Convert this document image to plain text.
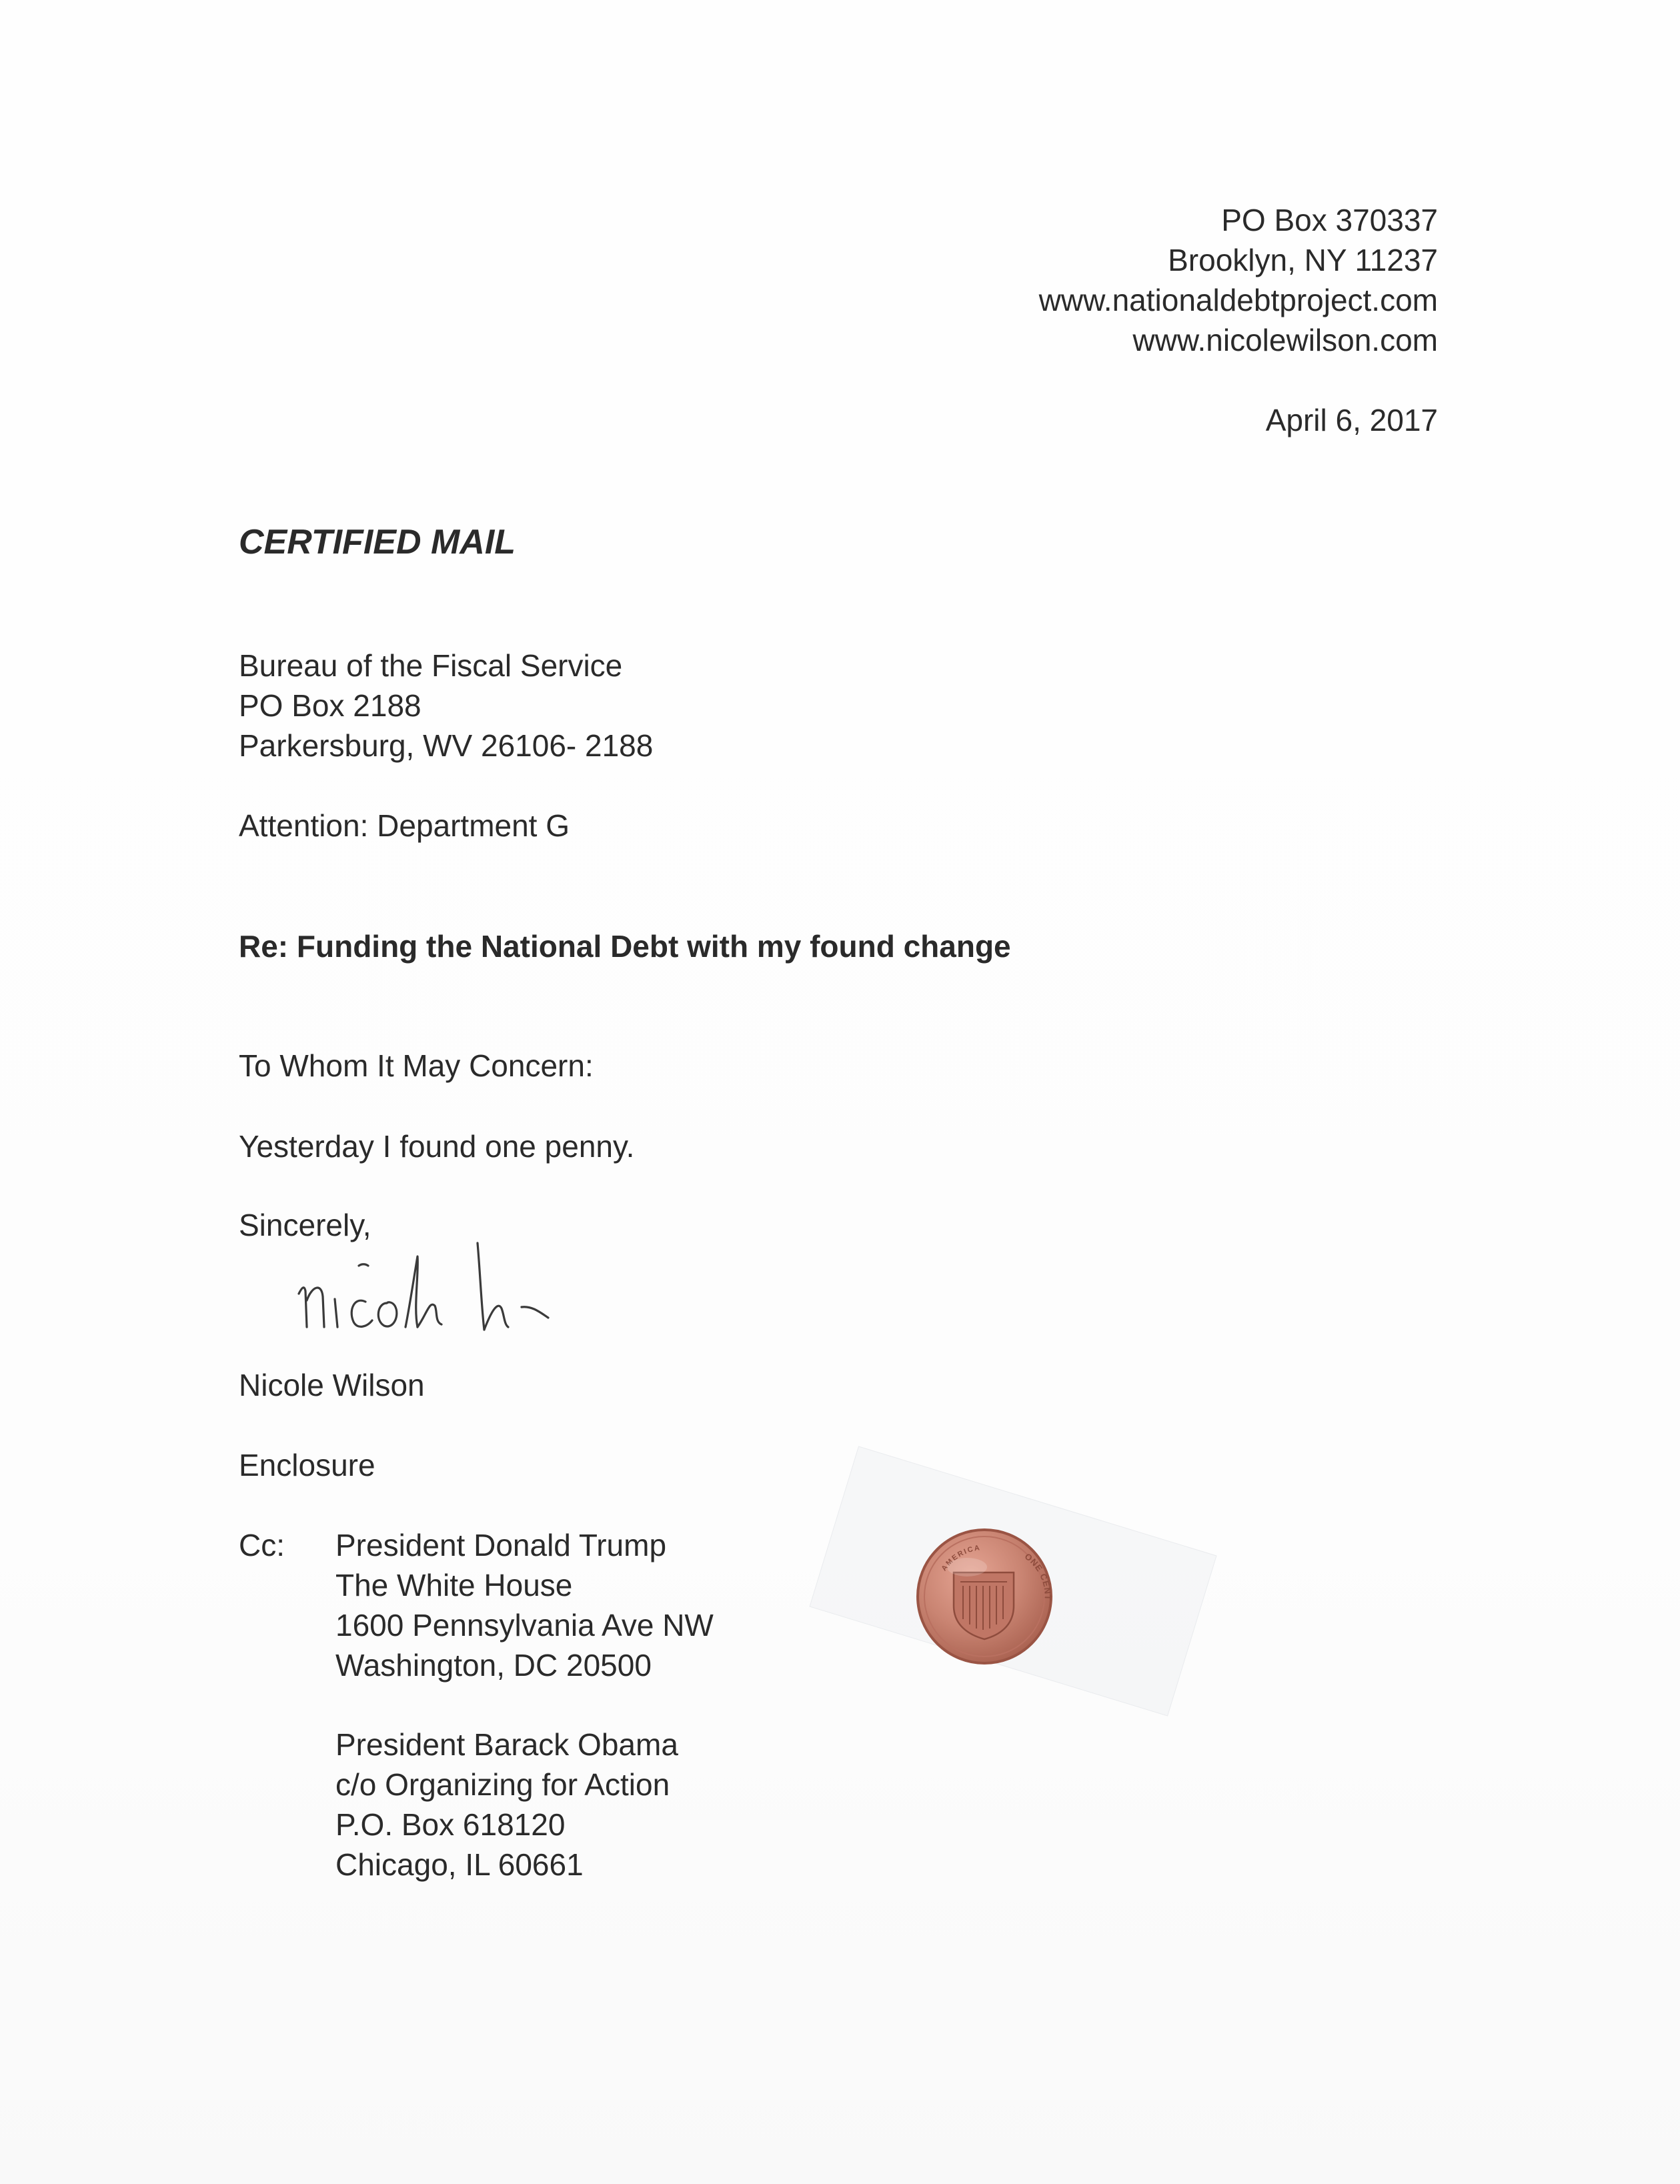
PO Box 370337
Brooklyn, NY 11237
www.nationaldebtproject.com
www.nicolewilson.com

April 6, 2017

CERTIFIED MAIL

Bureau of the Fiscal Service
PO Box 2188
Parkersburg, WV 26106- 2188

Attention: Department G

Re: Funding the National Debt with my found change

To Whom It May Concern:

Yesterday I found one penny.

Sincerely,

Nicole Wilson

Enclosure

Cc: President Donald Trump
The White House
1600 Pennsylvania Ave NW
Washington, DC 20500
President Barack Obama
c/o Organizing for Action
P.O. Box 618120
Chicago, IL 60661
AMERICA
ONE CENT
